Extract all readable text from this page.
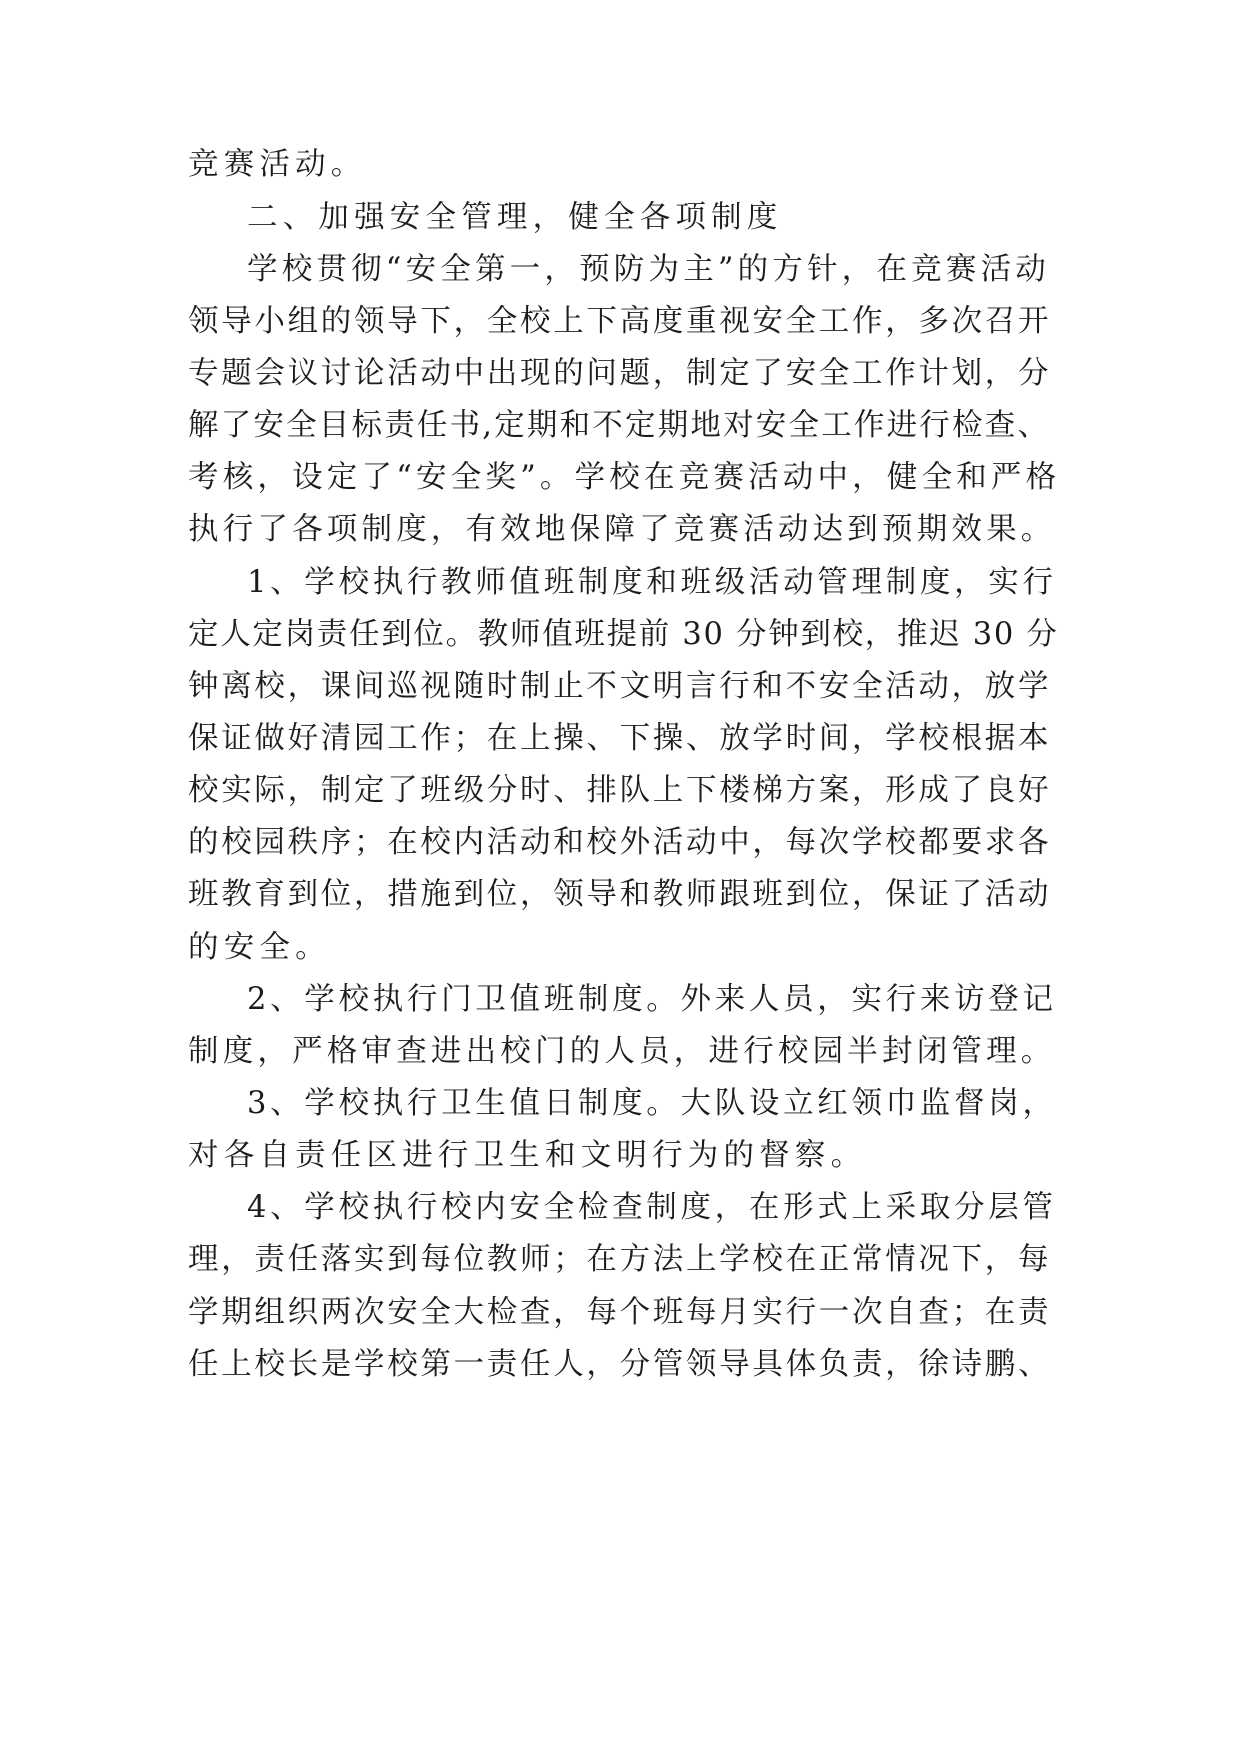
竞赛活动。

二、加强安全管理，健全各项制度

学校贯彻“安全第一，预防为主”的方针，在竞赛活动

领导小组的领导下，全校上下高度重视安全工作，多次召开

专题会议讨论活动中出现的问题，制定了安全工作计划，分

解了安全目标责任书,定期和不定期地对安全工作进行检查、

考核，设定了“安全奖”。学校在竞赛活动中，健全和严格

执行了各项制度，有效地保障了竞赛活动达到预期效果。

1、学校执行教师值班制度和班级活动管理制度，实行

定人定岗责任到位。教师值班提前 30 分钟到校，推迟 30 分

钟离校，课间巡视随时制止不文明言行和不安全活动，放学

保证做好清园工作；在上操、下操、放学时间，学校根据本

校实际，制定了班级分时、排队上下楼梯方案，形成了良好

的校园秩序；在校内活动和校外活动中，每次学校都要求各

班教育到位，措施到位，领导和教师跟班到位，保证了活动

的安全。

2、学校执行门卫值班制度。外来人员，实行来访登记

制度，严格审查进出校门的人员，进行校园半封闭管理。

3、学校执行卫生值日制度。大队设立红领巾监督岗，

对各自责任区进行卫生和文明行为的督察。

4、学校执行校内安全检查制度，在形式上采取分层管

理，责任落实到每位教师；在方法上学校在正常情况下，每

学期组织两次安全大检查，每个班每月实行一次自查；在责

任上校长是学校第一责任人，分管领导具体负责，徐诗鹏、
